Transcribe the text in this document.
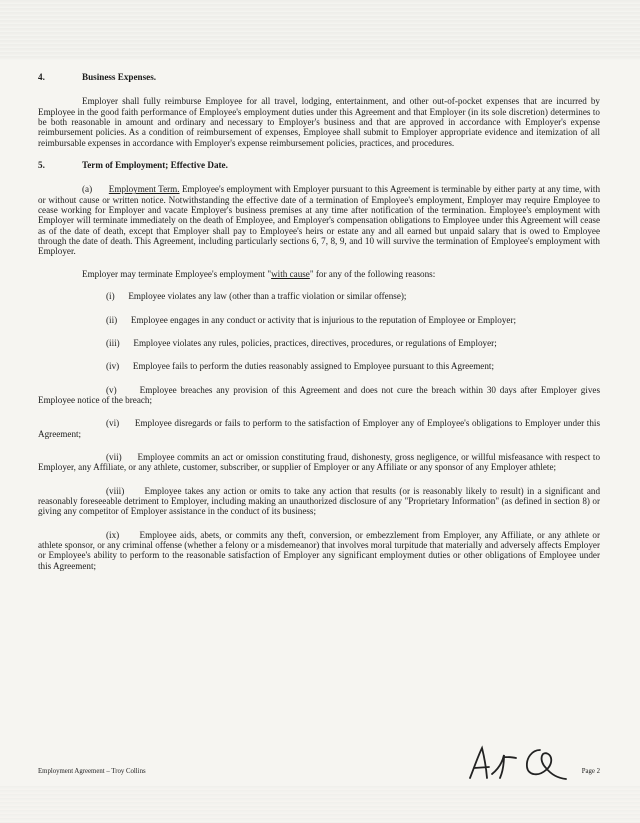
4.	Business Expenses.

Employer shall fully reimburse Employee for all travel, lodging, entertainment, and other out-of-pocket expenses that are incurred by Employee in the good faith performance of Employee's employment duties under this Agreement and that Employer (in its sole discretion) determines to be both reasonable in amount and ordinary and necessary to Employer's business and that are approved in accordance with Employer's expense reimbursement policies. As a condition of reimbursement of expenses, Employee shall submit to Employer appropriate evidence and itemization of all reimbursable expenses in accordance with Employer's expense reimbursement policies, practices, and procedures.

5.	Term of Employment; Effective Date.

(a) Employment Term. Employee's employment with Employer pursuant to this Agreement is terminable by either party at any time, with or without cause or written notice. Notwithstanding the effective date of a termination of Employee's employment, Employer may require Employee to cease working for Employer and vacate Employer's business premises at any time after notification of the termination. Employee's employment with Employer will terminate immediately on the death of Employee, and Employer's compensation obligations to Employee under this Agreement will cease as of the date of death, except that Employer shall pay to Employee's heirs or estate any and all earned but unpaid salary that is owed to Employee through the date of death. This Agreement, including particularly sections 6, 7, 8, 9, and 10 will survive the termination of Employee's employment with Employer.

Employer may terminate Employee's employment "with cause" for any of the following reasons:

(i) Employee violates any law (other than a traffic violation or similar offense);
(ii) Employee engages in any conduct or activity that is injurious to the reputation of Employee or Employer;
(iii) Employee violates any rules, policies, practices, directives, procedures, or regulations of Employer;
(iv) Employee fails to perform the duties reasonably assigned to Employee pursuant to this Agreement;
(v)	Employee breaches any provision of this Agreement and does not cure the breach within 30 days after Employer gives Employee notice of the breach;
(vi) Employee disregards or fails to perform to the satisfaction of Employer any of Employee's obligations to Employer under this Agreement;
(vii) Employee commits an act or omission constituting fraud, dishonesty, gross negligence, or willful misfeasance with respect to Employer, any Affiliate, or any athlete, customer, subscriber, or supplier of Employer or any Affiliate or any sponsor of any Employer athlete;
(viii) Employee takes any action or omits to take any action that results (or is reasonably likely to result) in a significant and reasonably foreseeable detriment to Employer, including making an unauthorized disclosure of any "Proprietary Information" (as defined in section 8) or giving any competitor of Employer assistance in the conduct of its business;
(ix) Employee aids, abets, or commits any theft, conversion, or embezzlement from Employer, any Affiliate, or any athlete or athlete sponsor, or any criminal offense (whether a felony or a misdemeanor) that involves moral turpitude that materially and adversely affects Employer or Employee's ability to perform to the reasonable satisfaction of Employer any significant employment duties or other obligations of Employee under this Agreement;
Employment Agreement – Troy Collins	Page 2
